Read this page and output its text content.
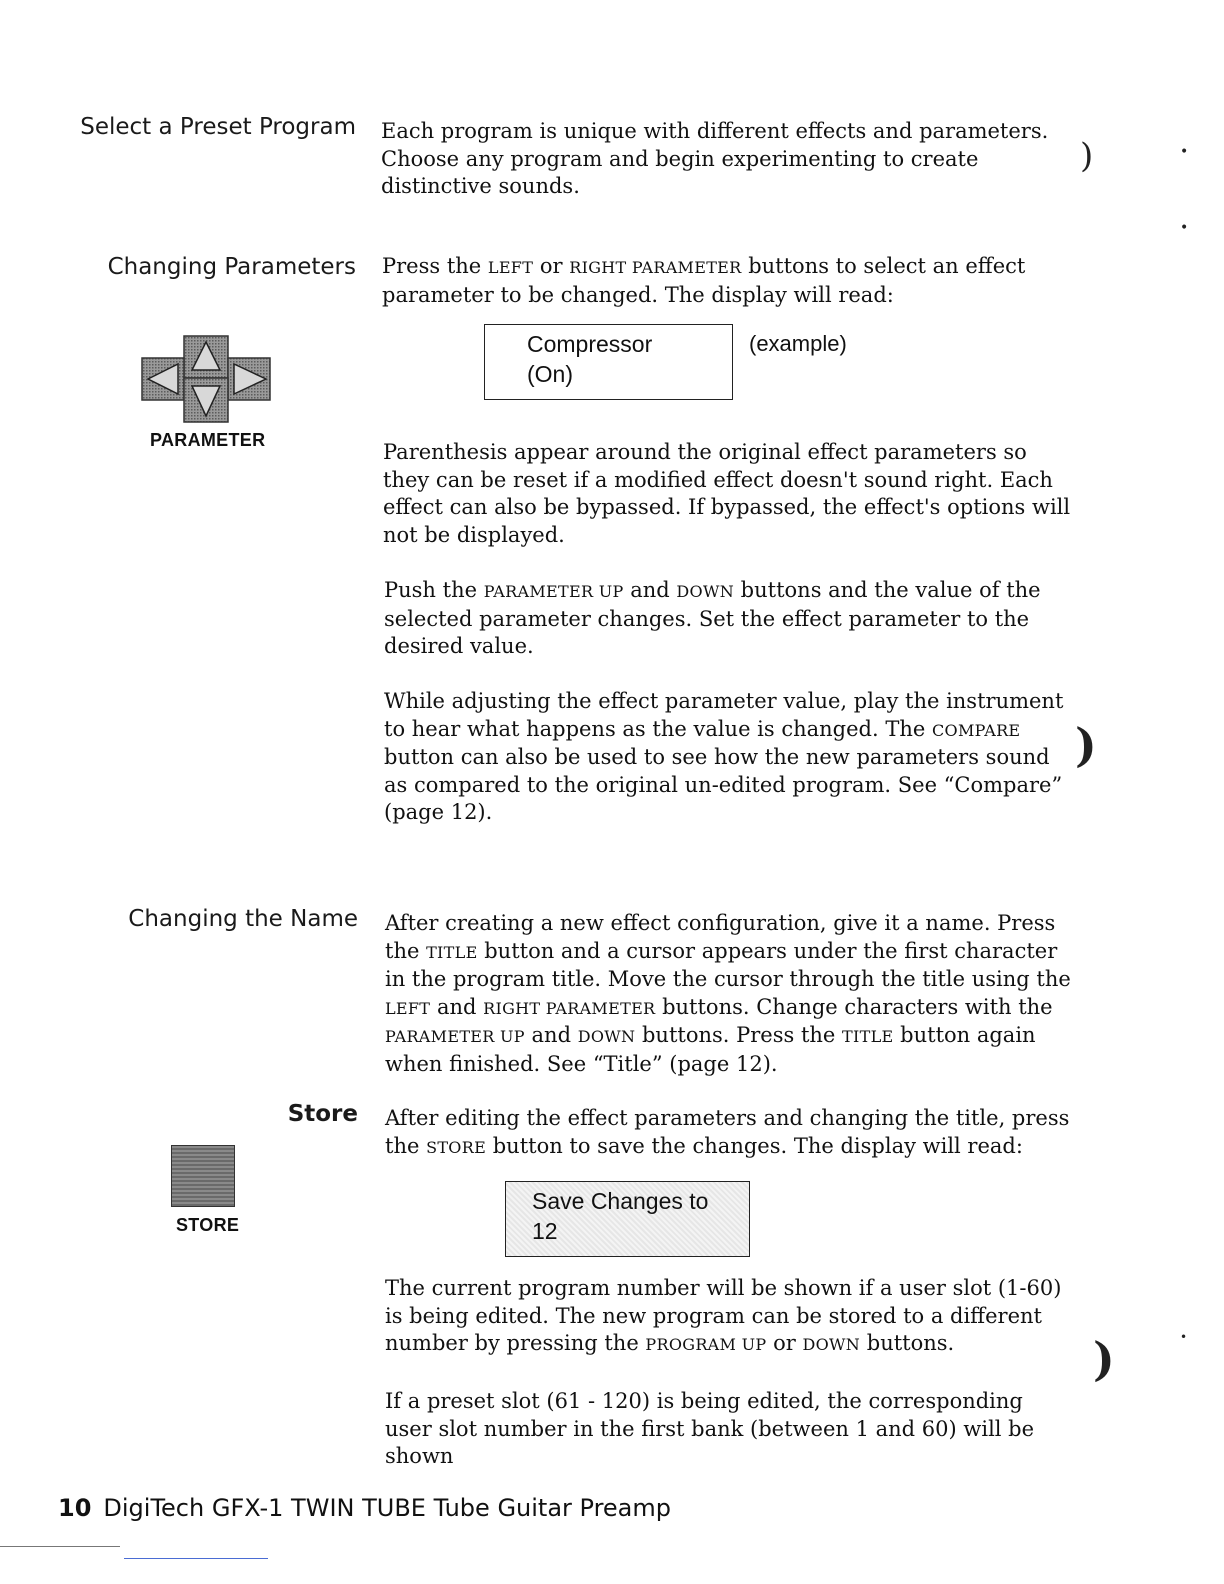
Select a Preset Program Each program is unique with different effects and parameters. Choose any program and begin experimenting to create distinctive sounds.

Changing Parameters Press the LEFT or RIGHT PARAMETER buttons to select an effect parameter to be changed. The display will read:

Compressor
(On)
(example)
PARAMETER	Parenthesis appear around the original effect parameters so they can be reset if a modified effect doesn't sound right. Each effect can also be bypassed. If bypassed, the effect's options will not be displayed.

Push the PARAMETER UP and DOWN buttons and the value of the selected parameter changes. Set the effect parameter to the desired value.

While adjusting the effect parameter value, play the instrument to hear what happens as the value is changed. The COMPARE button can also be used to see how the new parameters sound as compared to the original un-edited program. See “Compare” (page 12).

Changing the Name After creating a new effect configuration, give it a name. Press the TITLE button and a cursor appears under the first character in the program title. Move the cursor through the title using the LEFT and RIGHT PARAMETER buttons. Change characters with the PARAMETER UP and DOWN buttons. Press the TITLE button again when finished. See “Title” (page 12).

Store After editing the effect parameters and changing the title, press the STORE button to save the changes. The display will read:

STORE
Save Changes to
12

The current program number will be shown if a user slot (1-60) is being edited. The new program can be stored to a different number by pressing the PROGRAM UP or DOWN buttons.

If a preset slot (61 - 120) is being edited, the corresponding user slot number in the first bank (between 1 and 60) will be shown

)
)
)
•
•
•
10 DigiTech GFX-1 TWIN TUBE Tube Guitar Preamp
